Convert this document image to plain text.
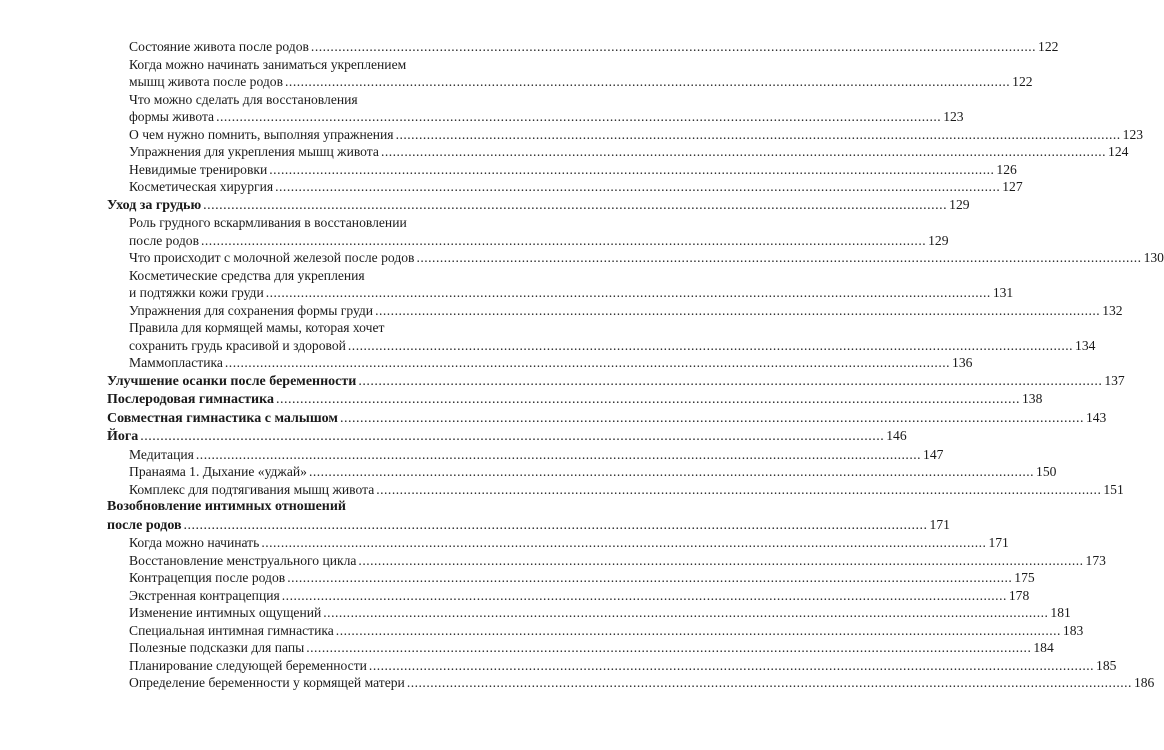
Состояние живота после родов .....	122
Когда можно начинать заниматься укреплением
мышц живота после родов .....	122
Что можно сделать для восстановления
формы живота .....	123
О чем нужно помнить, выполняя упражнения .....	123
Упражнения для укрепления мышц живота .....	124
Невидимые тренировки .....	126
Косметическая хирургия .....	127
Уход за грудью .....	129
Роль грудного вскармливания в восстановлении
после родов .....	129
Что происходит с молочной железой после родов .....	130
Косметические средства для укрепления
и подтяжки кожи груди .....	131
Упражнения для сохранения формы груди .....	132
Правила для кормящей мамы, которая хочет
сохранить грудь красивой и здоровой .....	134
Маммопластика .....	136
Улучшение осанки после беременности .....	137
Послеродовая гимнастика .....	138
Совместная гимнастика с малышом .....	143
Йога .....	146
Медитация .....	147
Пранаяма 1. Дыхание «уджай» .....	150
Комплекс для подтягивания мышц живота .....	151
Возобновление интимных отношений
после родов .....	171
Когда можно начинать .....	171
Восстановление менструального цикла .....	173
Контрацепция после родов .....	175
Экстренная контрацепция .....	178
Изменение интимных ощущений .....	181
Специальная интимная гимнастика .....	183
Полезные подсказки для папы .....	184
Планирование следующей беременности .....	185
Определение беременности у кормящей матери .....	186
